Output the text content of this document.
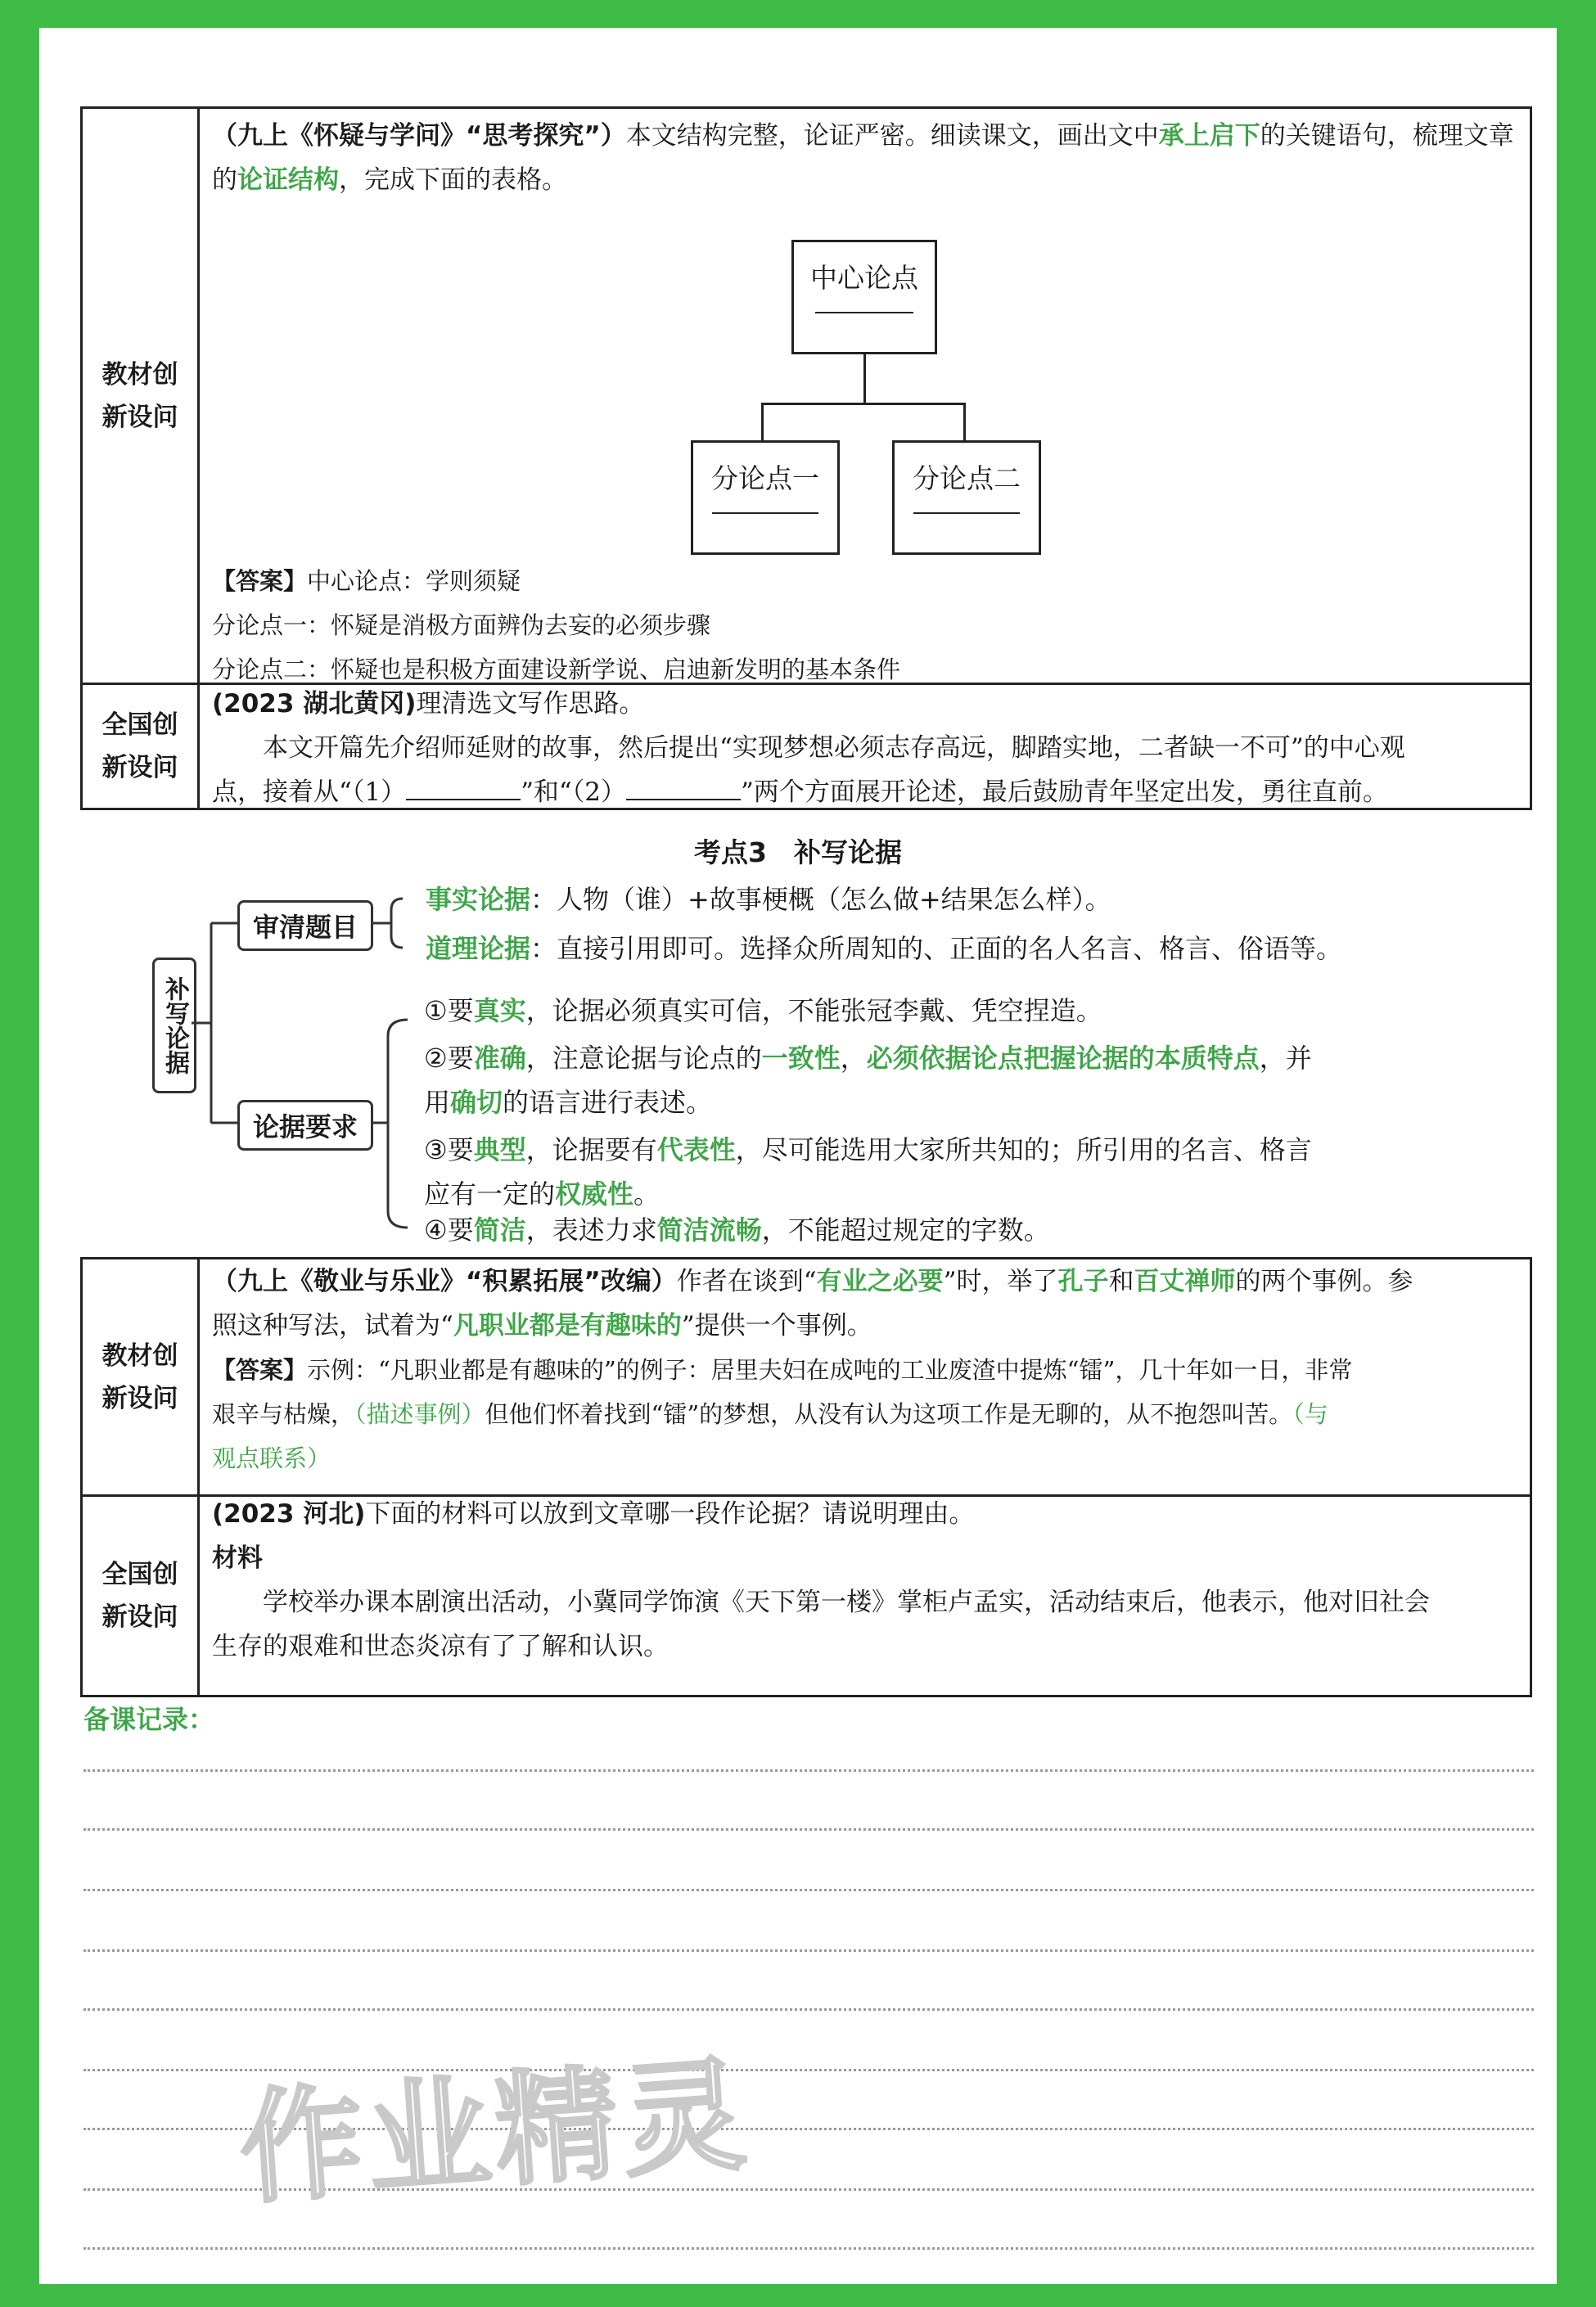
教材创新设问
（九上《怀疑与学问》“思考探究”）本文结构完整，论证严密。细读课文，画出文中承上启下的关键语句，梳理文章的论证结构，完成下面的表格。
中心论点
分论点一	分论点二
【答案】中心论点：学则须疑
分论点一：怀疑是消极方面辨伪去妄的必须步骤
分论点二：怀疑也是积极方面建设新学说、启迪新发明的基本条件
全国创新设问
(2023 湖北黄冈)理清选文写作思路。
本文开篇先介绍师延财的故事，然后提出“实现梦想必须志存高远，脚踏实地，二者缺一不可”的中心观
点，接着从“（1）	”和“（2）	”两个方面展开论述，最后鼓励青年坚定出发，勇往直前。
考点3　补写论据
补写论据
审清题目
论据要求
事实论据：人物（谁）+故事梗概（怎么做+结果怎么样）。
道理论据：直接引用即可。选择众所周知的、正面的名人名言、格言、俗语等。
①要真实，论据必须真实可信，不能张冠李戴、凭空捏造。
②要准确，注意论据与论点的一致性，必须依据论点把握论据的本质特点，并
用确切的语言进行表述。
③要典型，论据要有代表性，尽可能选用大家所共知的；所引用的名言、格言
应有一定的权威性。
④要简洁，表述力求简洁流畅，不能超过规定的字数。
教材创新设问
（九上《敬业与乐业》“积累拓展”改编）作者在谈到“有业之必要”时，举了孔子和百丈禅师的两个事例。参
照这种写法，试着为“凡职业都是有趣味的”提供一个事例。
【答案】示例：“凡职业都是有趣味的”的例子：居里夫妇在成吨的工业废渣中提炼“镭”，几十年如一日，非常
艰辛与枯燥，（描述事例）但他们怀着找到“镭”的梦想，从没有认为这项工作是无聊的，从不抱怨叫苦。（与
观点联系）
全国创新设问
(2023 河北)下面的材料可以放到文章哪一段作论据？请说明理由。
材料
学校举办课本剧演出活动，小冀同学饰演《天下第一楼》掌柜卢孟实，活动结束后，他表示，他对旧社会
生存的艰难和世态炎凉有了了解和认识。
备课记录：
作业精灵
